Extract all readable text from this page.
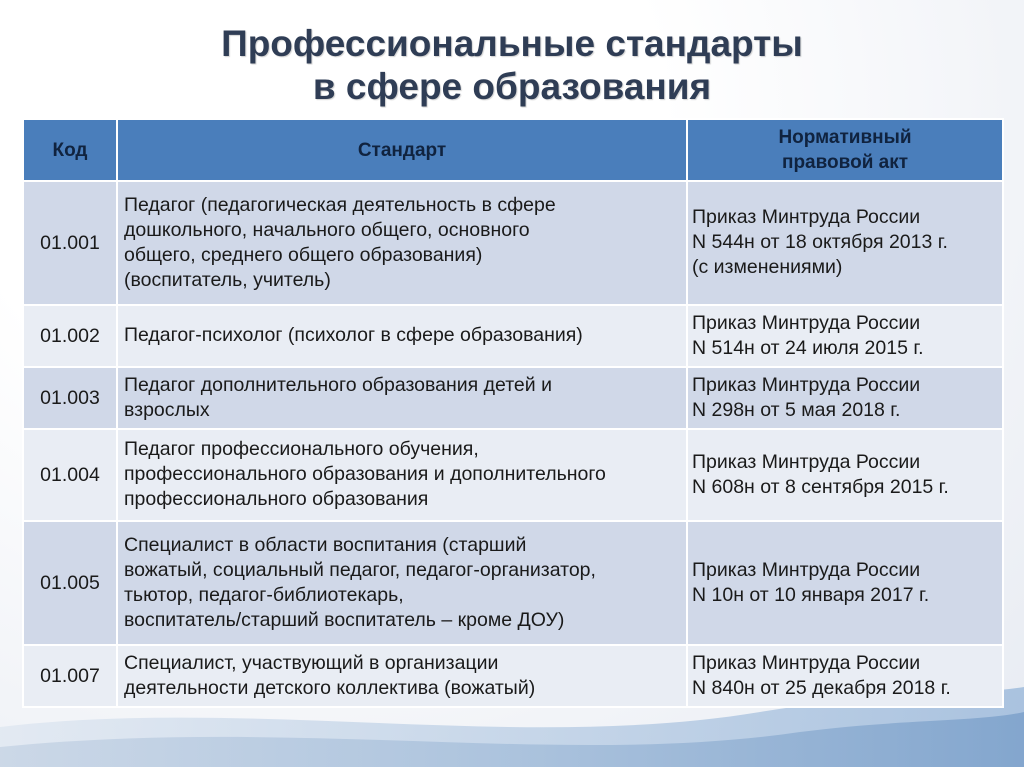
Профессиональные стандарты
в сфере образования
Код	Стандарт	Нормативный
правовой акт

01.001	Педагог (педагогическая деятельность в сфере
дошкольного, начального общего, основного
общего, среднего общего образования)
(воспитатель, учитель)	Приказ Минтруда России
N 544н от 18 октября 2013 г.
(с изменениями)

01.002	Педагог-психолог (психолог в сфере образования)	Приказ Минтруда России
N 514н от 24 июля 2015 г.

01.003	Педагог дополнительного образования детей и
взрослых	Приказ Минтруда России
N 298н от 5 мая 2018 г.

01.004	Педагог профессионального обучения,
профессионального образования и дополнительного
профессионального образования	Приказ Минтруда России
N 608н от 8 сентября 2015 г.

01.005	Специалист в области воспитания (старший
вожатый, социальный педагог, педагог-организатор,
тьютор, педагог-библиотекарь,
воспитатель/старший воспитатель – кроме ДОУ)	Приказ Минтруда России
N 10н от 10 января 2017 г.

01.007	Специалист, участвующий в организации
деятельности детского коллектива (вожатый)	Приказ Минтруда России
N 840н от 25 декабря 2018 г.
